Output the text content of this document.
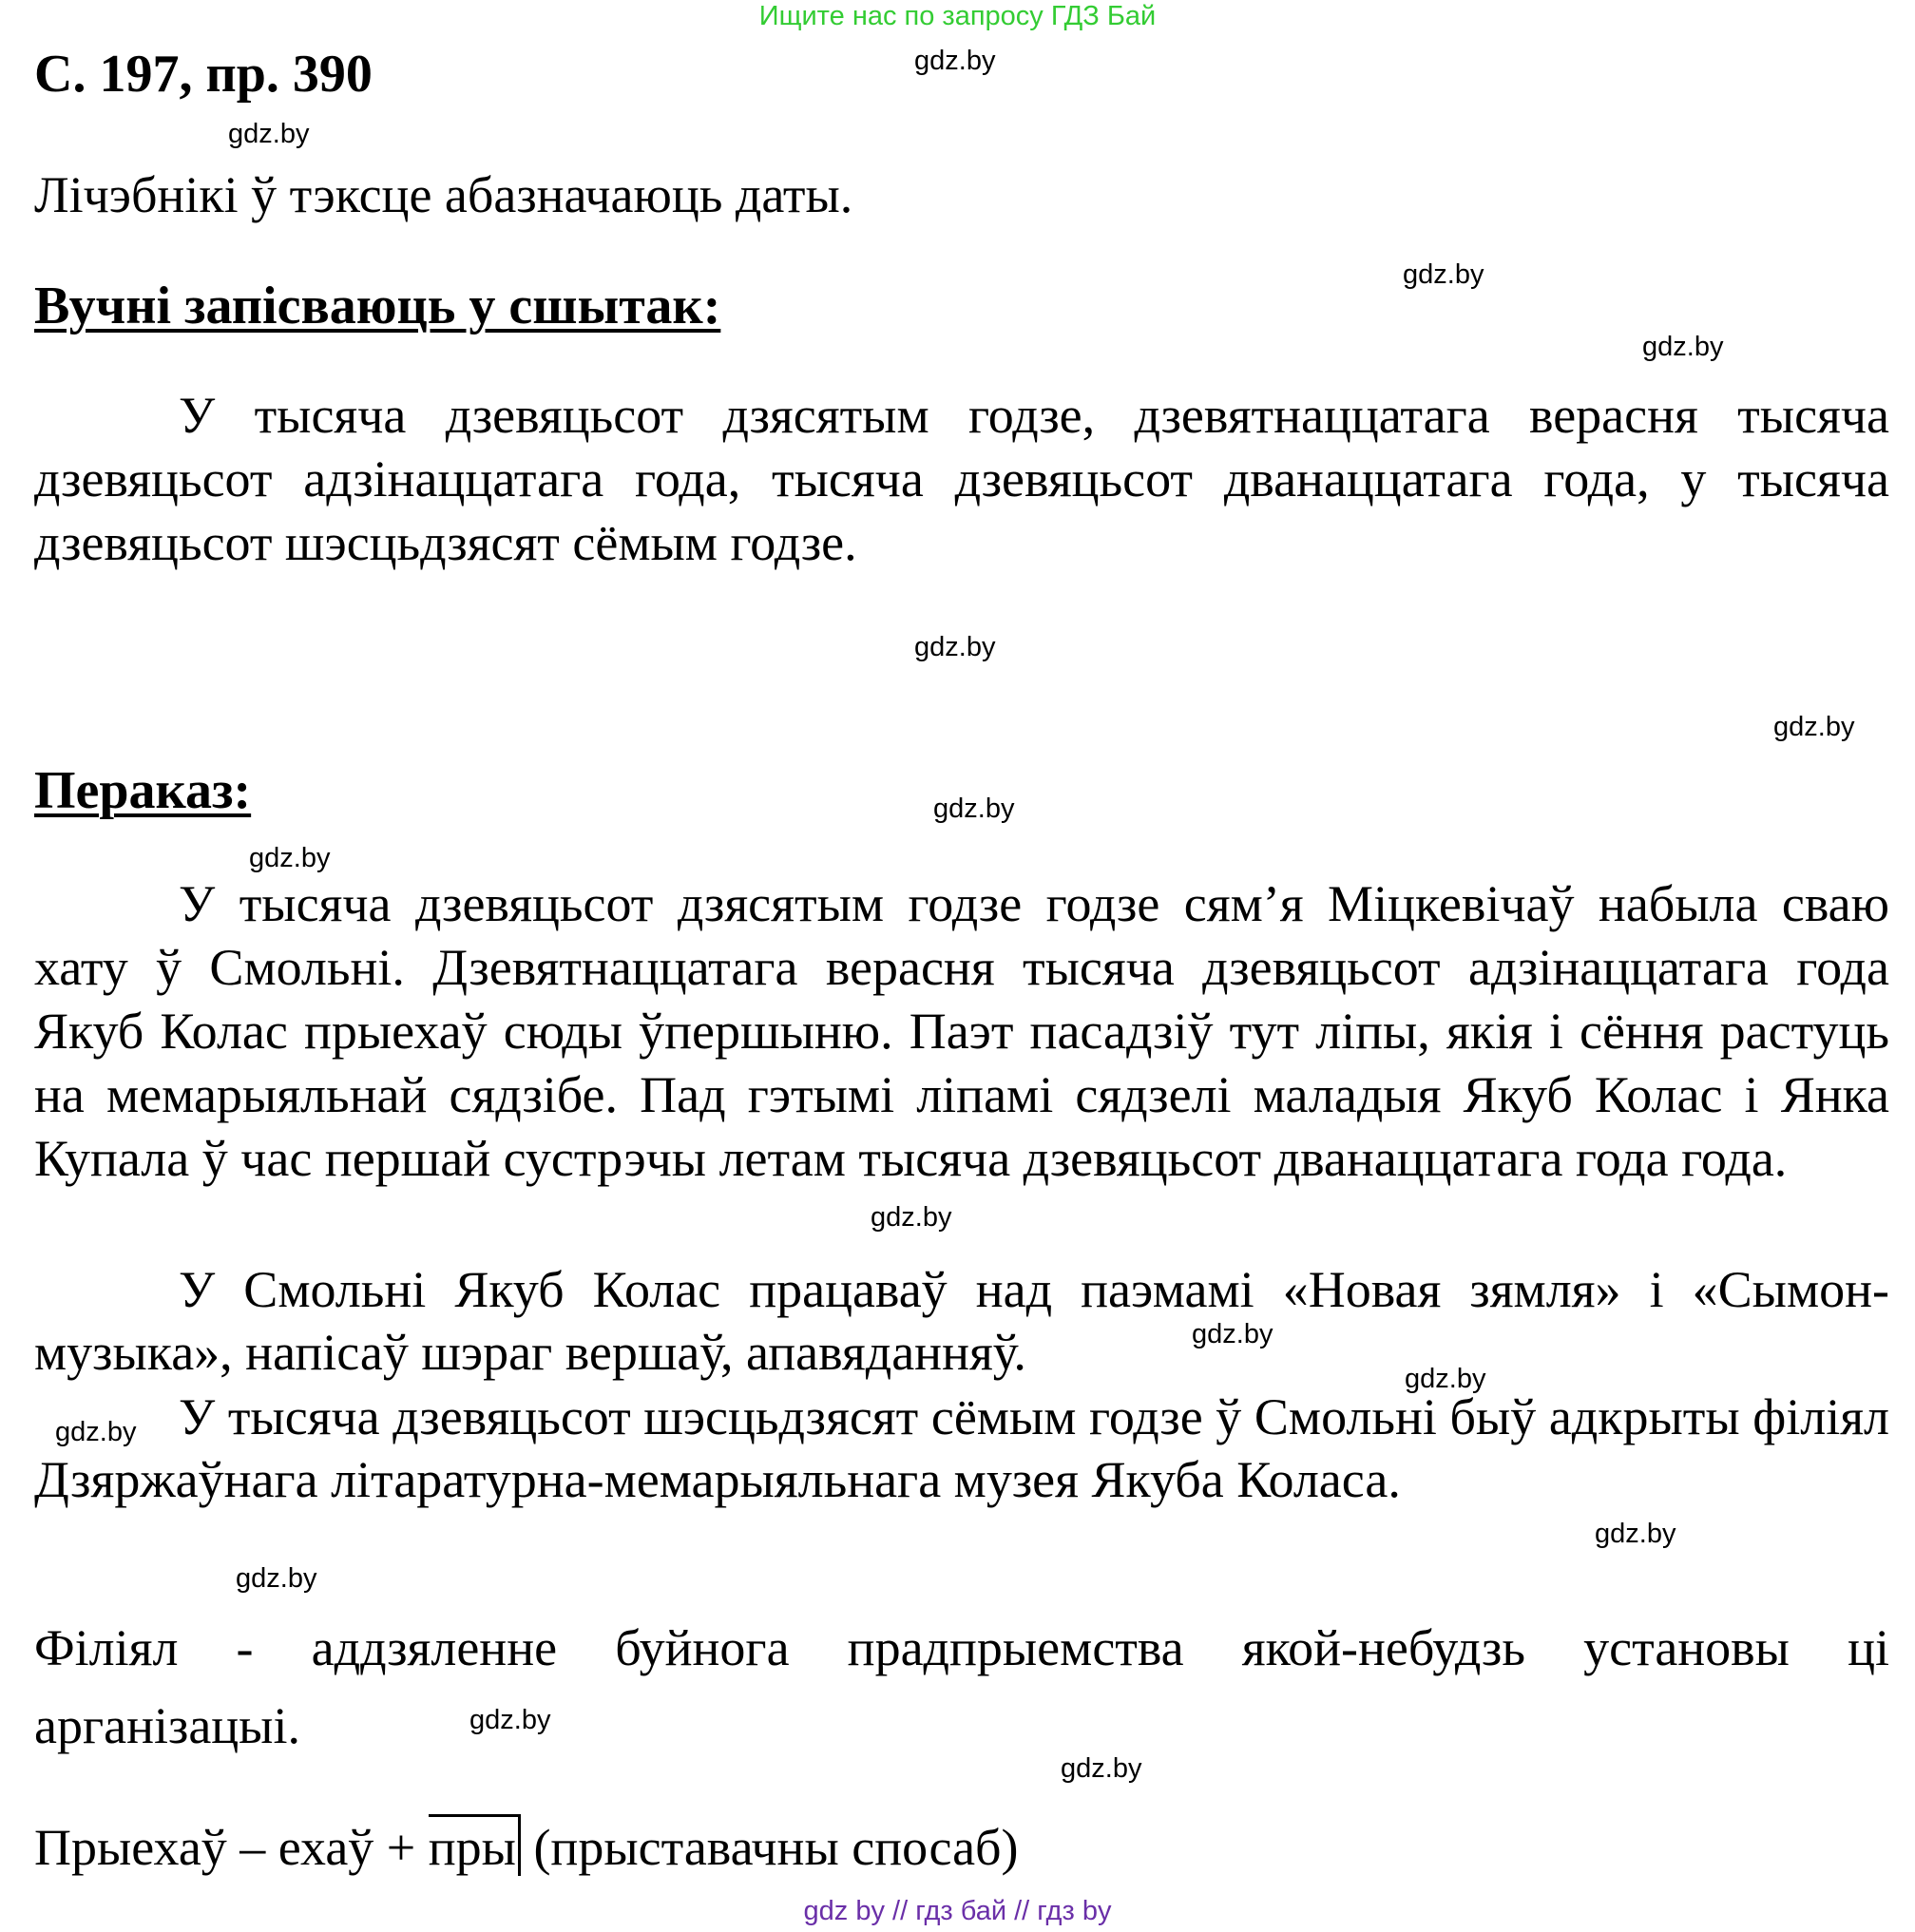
Ищите нас по запросу ГДЗ Бай
С. 197, пр. 390
Лічэбнікі ў тэксце абазначаюць даты.
Вучні запісваюць у сшытак:

У тысяча дзевяцьсот дзясятым годзе, дзевятнаццатага верасня тысяча дзевяцьсот адзінаццатага года, тысяча дзевяцьсот дванаццатага года, у тысяча дзевяцьсот шэсцьдзясят сёмым годзе.

Пераказ:

У тысяча дзевяцьсот дзясятым годзе годзе сям’я Міцкевічаў набыла сваю хату ў Смольні. Дзевятнаццатага верасня тысяча дзевяцьсот адзінаццатага года Якуб Колас прыехаў сюды ўпершыню. Паэт пасадзіў тут ліпы, якія і сёння растуць на мемарыяльнай сядзібе. Пад гэтымі ліпамі сядзелі маладыя Якуб Колас і Янка Купала ў час першай сустрэчы летам тысяча дзевяцьсот дванаццатага года года.

У Смольні Якуб Колас працаваў над паэмамі «Новая зямля» і «Сымон-музыка», напісаў шэраг вершаў, апавяданняў.

У тысяча дзевяцьсот шэсцьдзясят сёмым годзе ў Смольні быў адкрыты філіял Дзяржаўнага літаратурна-мемарыяльнага музея Якуба Коласа.

Філіял - аддзяленне буйнога прадпрыемства якой-небудзь установы ці
арганізацыі.
Прыехаў – ехаў + пры (прыставачны спосаб)
gdz.by
gdz.by
gdz.by
gdz.by
gdz.by
gdz.by
gdz.by
gdz.by
gdz.by
gdz.by
gdz.by
gdz.by
gdz.by
gdz.by
gdz.by
gdz.by
gdz by // гдз бай // гдз by
